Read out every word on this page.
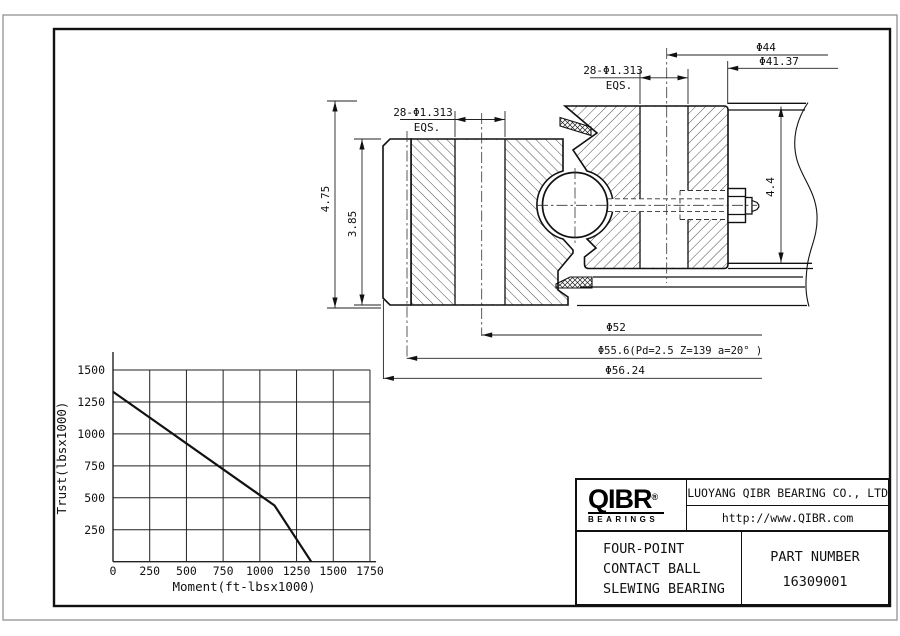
28-Φ1.313
EQS.
28-Φ1.313
EQS.
Φ44
Φ41.37
4.75
3.85
4.4
Φ52
Φ55.6(Pd=2.5 Z=139 a=20° )
Φ56.24
0 250 500 750 1000 1250 1500 1750
250
500
750
1000
1250
1500
Moment(ft-lbsx1000)
Trust(lbsx1000)	QIBR®
BEARINGS
LUOYANG QIBR BEARING CO., LTD
http://www.QIBR.com
FOUR-POINT
CONTACT BALL
SLEWING BEARING
PART NUMBER
16309001
